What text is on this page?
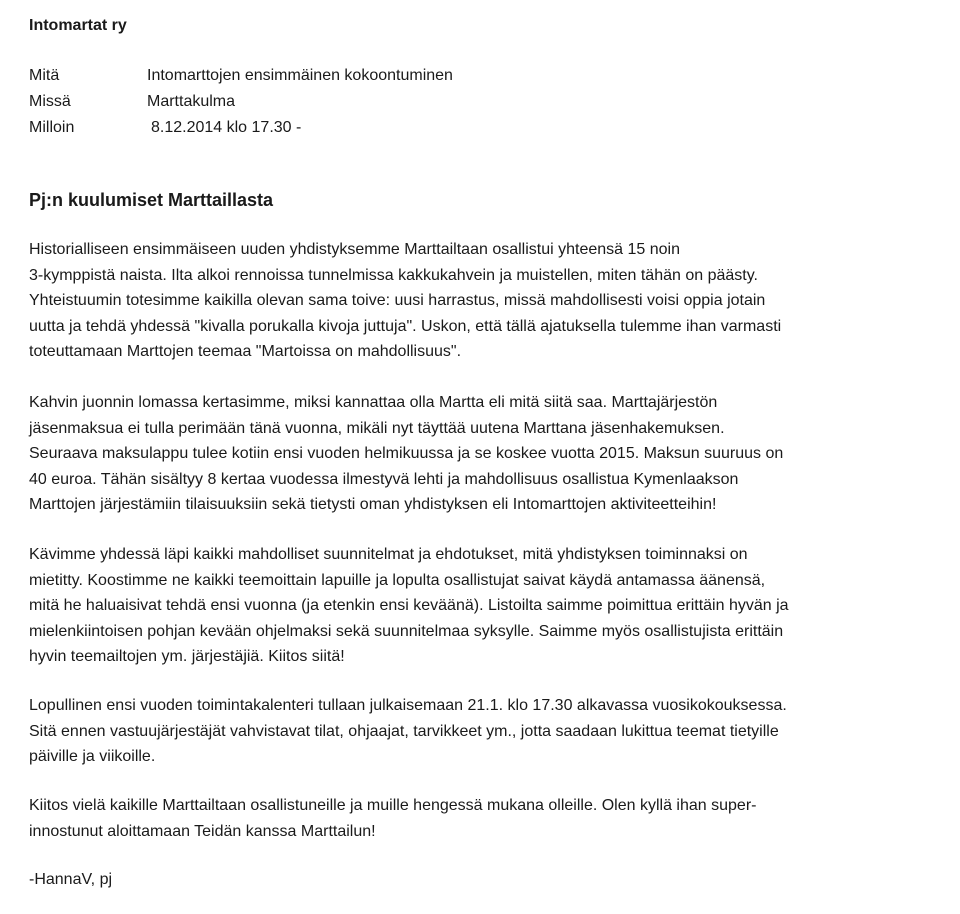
Intomartat ry
Mitä	Intomarttojen ensimmäinen kokoontuminen
Missä	Marttakulma
Milloin	8.12.2014 klo 17.30 -
Pj:n kuulumiset Marttaillasta
Historialliseen ensimmäiseen uuden yhdistyksemme Marttailtaan osallistui yhteensä 15 noin
3-kymppistä naista. Ilta alkoi rennoissa tunnelmissa kakkukahvein ja muistellen, miten tähän on päästy.
Yhteistuumin totesimme kaikilla olevan sama toive: uusi harrastus, missä mahdollisesti voisi oppia jotain
uutta ja tehdä yhdessä "kivalla porukalla kivoja juttuja". Uskon, että tällä ajatuksella tulemme ihan varmasti
toteuttamaan Marttojen teemaa "Martoissa on mahdollisuus".
Kahvin juonnin lomassa kertasimme, miksi kannattaa olla Martta eli mitä siitä saa. Marttajärjestön
jäsenmaksua ei tulla perimään tänä vuonna, mikäli nyt täyttää uutena Marttana jäsenhakemuksen.
Seuraava maksulappu tulee kotiin ensi vuoden helmikuussa ja se koskee vuotta 2015. Maksun suuruus on
40 euroa. Tähän sisältyy 8 kertaa vuodessa ilmestyvä lehti ja mahdollisuus osallistua Kymenlaakson
Marttojen järjestämiin tilaisuuksiin sekä tietysti oman yhdistyksen eli Intomarttojen aktiviteetteihin!
Kävimme yhdessä läpi kaikki mahdolliset suunnitelmat ja ehdotukset, mitä yhdistyksen toiminnaksi on
mietitty. Koostimme ne kaikki teemoittain lapuille ja lopulta osallistujat saivat käydä antamassa äänensä,
mitä he haluaisivat tehdä ensi vuonna (ja etenkin ensi keväänä). Listoilta saimme poimittua erittäin hyvän ja
mielenkiintoisen pohjan kevään ohjelmaksi sekä suunnitelmaa syksylle. Saimme myös osallistujista erittäin
hyvin teemailtojen ym. järjestäjiä. Kiitos siitä!
Lopullinen ensi vuoden toimintakalenteri tullaan julkaisemaan 21.1. klo 17.30 alkavassa vuosikokouksessa.
Sitä ennen vastuujärjestäjät vahvistavat tilat, ohjaajat, tarvikkeet ym., jotta saadaan lukittua teemat tietyille
päiville ja viikoille.
Kiitos vielä kaikille Marttailtaan osallistuneille ja muille hengessä mukana olleille. Olen kyllä ihan super-
innostunut aloittamaan Teidän kanssa Marttailun!
-HannaV, pj
